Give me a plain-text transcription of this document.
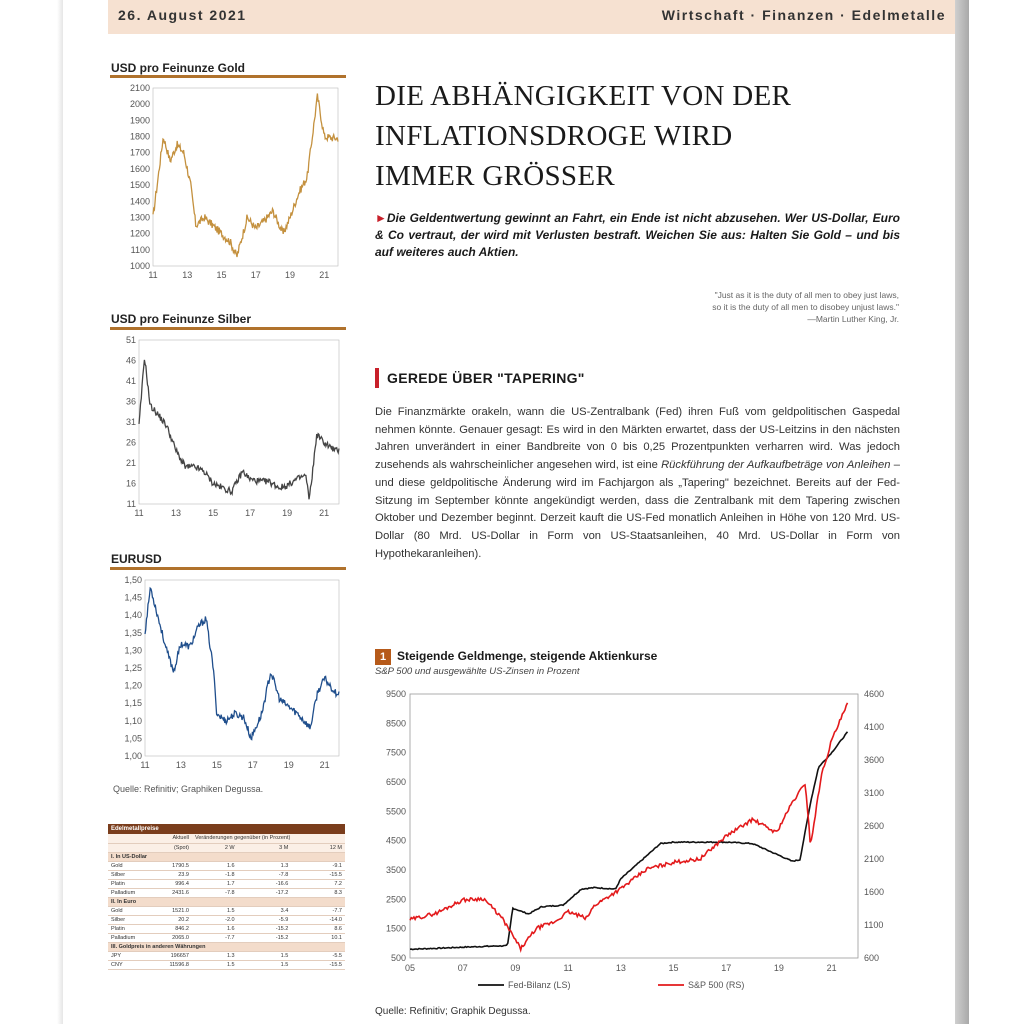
26. August 2021	Wirtschaft · Finanzen · Edelmetalle
USD pro Feinunze Gold
1000
1100
1200
1300
1400
1500
1600
1700
1800
1900
2000
2100
11	13	15	17	19	21
USD pro Feinunze Silber
11
16
21
26
31
36
41
46
51
11	13	15	17	19	21
EURUSD
1,00
1,05
1,10
1,15
1,20
1,25
1,30
1,35
1,40
1,45
1,50
11	13	15	17	19	21
Quelle: Refinitiv; Graphiken Degussa.
Edelmetallpreise
	Aktuell	Veränderungen gegenüber (in Prozent)		
	(Spot)	2 W	3 M	12 M
I. In US-Dollar				
Gold	1790.5	1.6	1.3	-9.1
Silber	23.9	-1.8	-7.8	-15.5
Platin	996.4	1.7	-16.6	7.2
Palladium	2431.6	-7.8	-17.2	8.3
II. In Euro				
Gold	1521.0	1.5	3.4	-7.7
Silber	20.2	-2.0	-5.9	-14.0
Platin	846.2	1.6	-15.2	8.6
Palladium	2065.0	-7.7	-15.2	10.1
III. Goldpreis in anderen Währungen				
JPY	196657	1.3	1.5	-5.5
CNY	11596.8	1.5	1.5	-15.5
DIE ABHÄNGIGKEIT VON DER
INFLATIONSDROGE WIRD
IMMER GRÖSSER
►Die Geldentwertung gewinnt an Fahrt, ein Ende ist nicht abzusehen. Wer US-Dollar, Euro & Co vertraut, der wird mit Verlusten bestraft. Weichen Sie aus: Halten Sie Gold – und bis auf weiteres auch Aktien.
"Just as it is the duty of all men to obey just laws,
so it is the duty of all men to disobey unjust laws."
—Martin Luther King, Jr.
GEREDE ÜBER "TAPERING"
Die Finanzmärkte orakeln, wann die US-Zentralbank (Fed) ihren Fuß vom geldpolitischen Gaspedal nehmen könnte. Genauer gesagt: Es wird in den Märkten erwartet, dass der US-Leitzins in den nächsten Jahren unverändert in einer Bandbreite von 0 bis 0,25 Prozentpunkten verharren wird. Was jedoch zusehends als wahrscheinlicher angesehen wird, ist eine Rückführung der Aufkaufbeträge von Anleihen – und diese geldpolitische Änderung wird im Fachjargon als „Tapering" bezeichnet. Bereits auf der Fed-Sitzung im September könnte angekündigt werden, dass die Zentralbank mit dem Tapering zwischen Oktober und Dezember beginnt. Derzeit kauft die US-Fed monatlich Anleihen in Höhe von 120 Mrd. US-Dollar (80 Mrd. US-Dollar in Form von US-Staatsanleihen, 40 Mrd. US-Dollar in Form von Hypothekaranleihen).
1 Steigende Geldmenge, steigende Aktienkurse
S&P 500 und ausgewählte US-Zinsen in Prozent
500
1500
2500
3500
4500
5500
6500
7500
8500
9500
600
1100
1600
2100
2600
3100
3600
4100
4600
05	07	09	11	13	15	17	19	21
Fed-Bilanz (LS)	S&P 500 (RS)
Quelle: Refinitiv; Graphik Degussa.
